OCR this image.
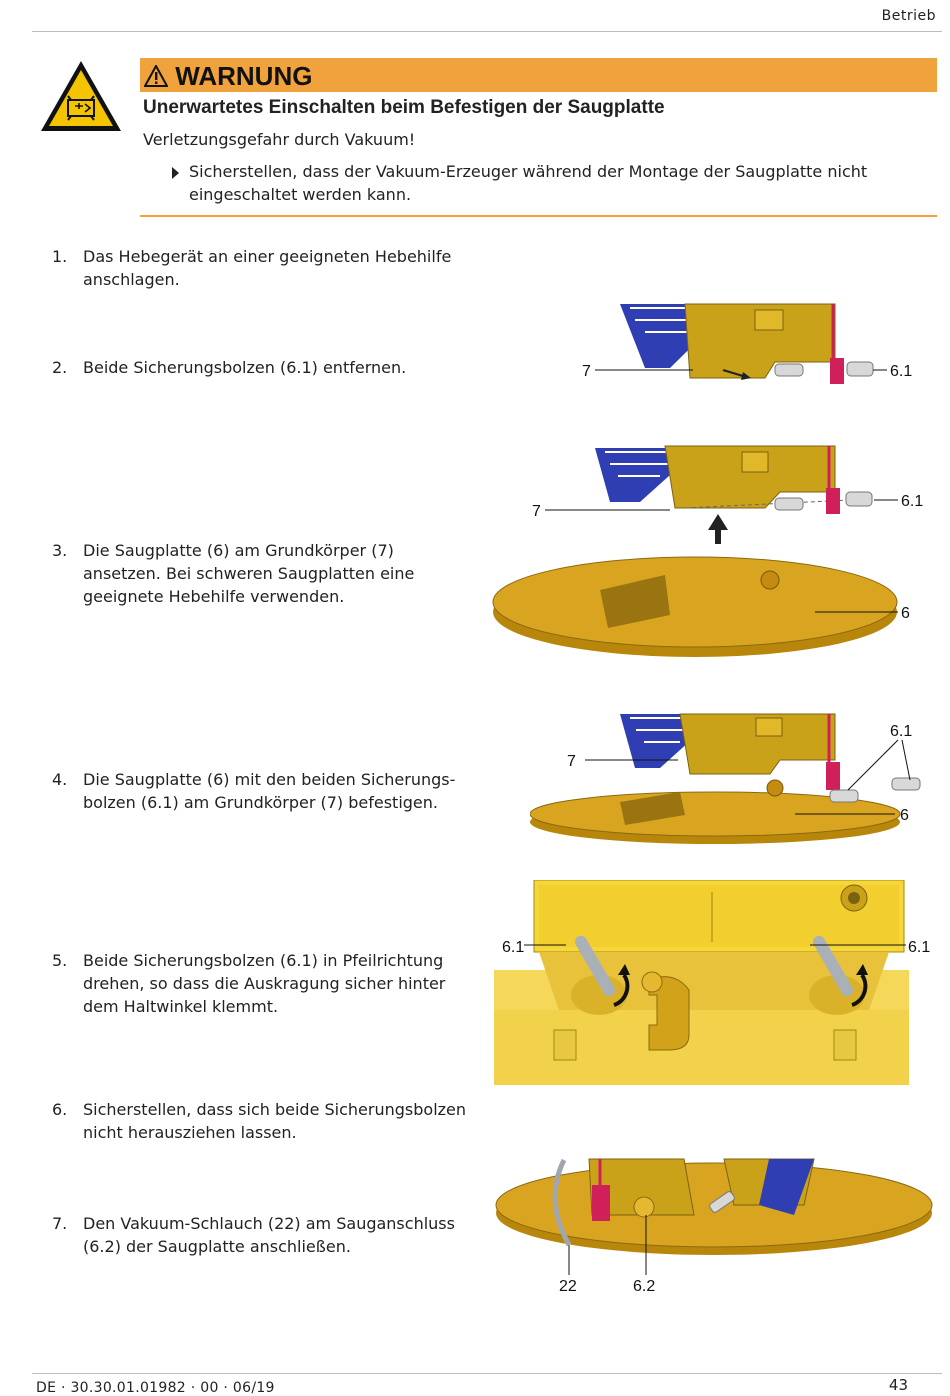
Betrieb
WARNUNG
Unerwartetes Einschalten beim Befestigen der Saugplatte
Verletzungsgefahr durch Vakuum!
Sicherstellen, dass der Vakuum-Erzeuger während der Montage der Saugplatte nicht eingeschaltet werden kann.
1. Das Hebegerät an einer geeigneten Hebehilfe anschlagen.
2. Beide Sicherungsbolzen (6.1) entfernen.
3. Die Saugplatte (6) am Grundkörper (7) ansetzen. Bei schweren Saugplatten eine geeignete Hebehilfe verwenden.
4. Die Saugplatte (6) mit den beiden Sicherungs-bolzen (6.1) am Grundkörper (7) befestigen.
5. Beide Sicherungsbolzen (6.1) in Pfeilrichtung drehen, so dass die Auskragung sicher hinter dem Haltwinkel klemmt.
6. Sicherstellen, dass sich beide Sicherungsbolzen nicht herausziehen lassen.
7. Den Vakuum-Schlauch (22) am Sauganschluss (6.2) der Saugplatte anschließen.
7	6.1
7
6.1
6
6.1
7
6
6.1	6.1
22	6.2
DE · 30.30.01.01982 · 00 · 06/19	43
